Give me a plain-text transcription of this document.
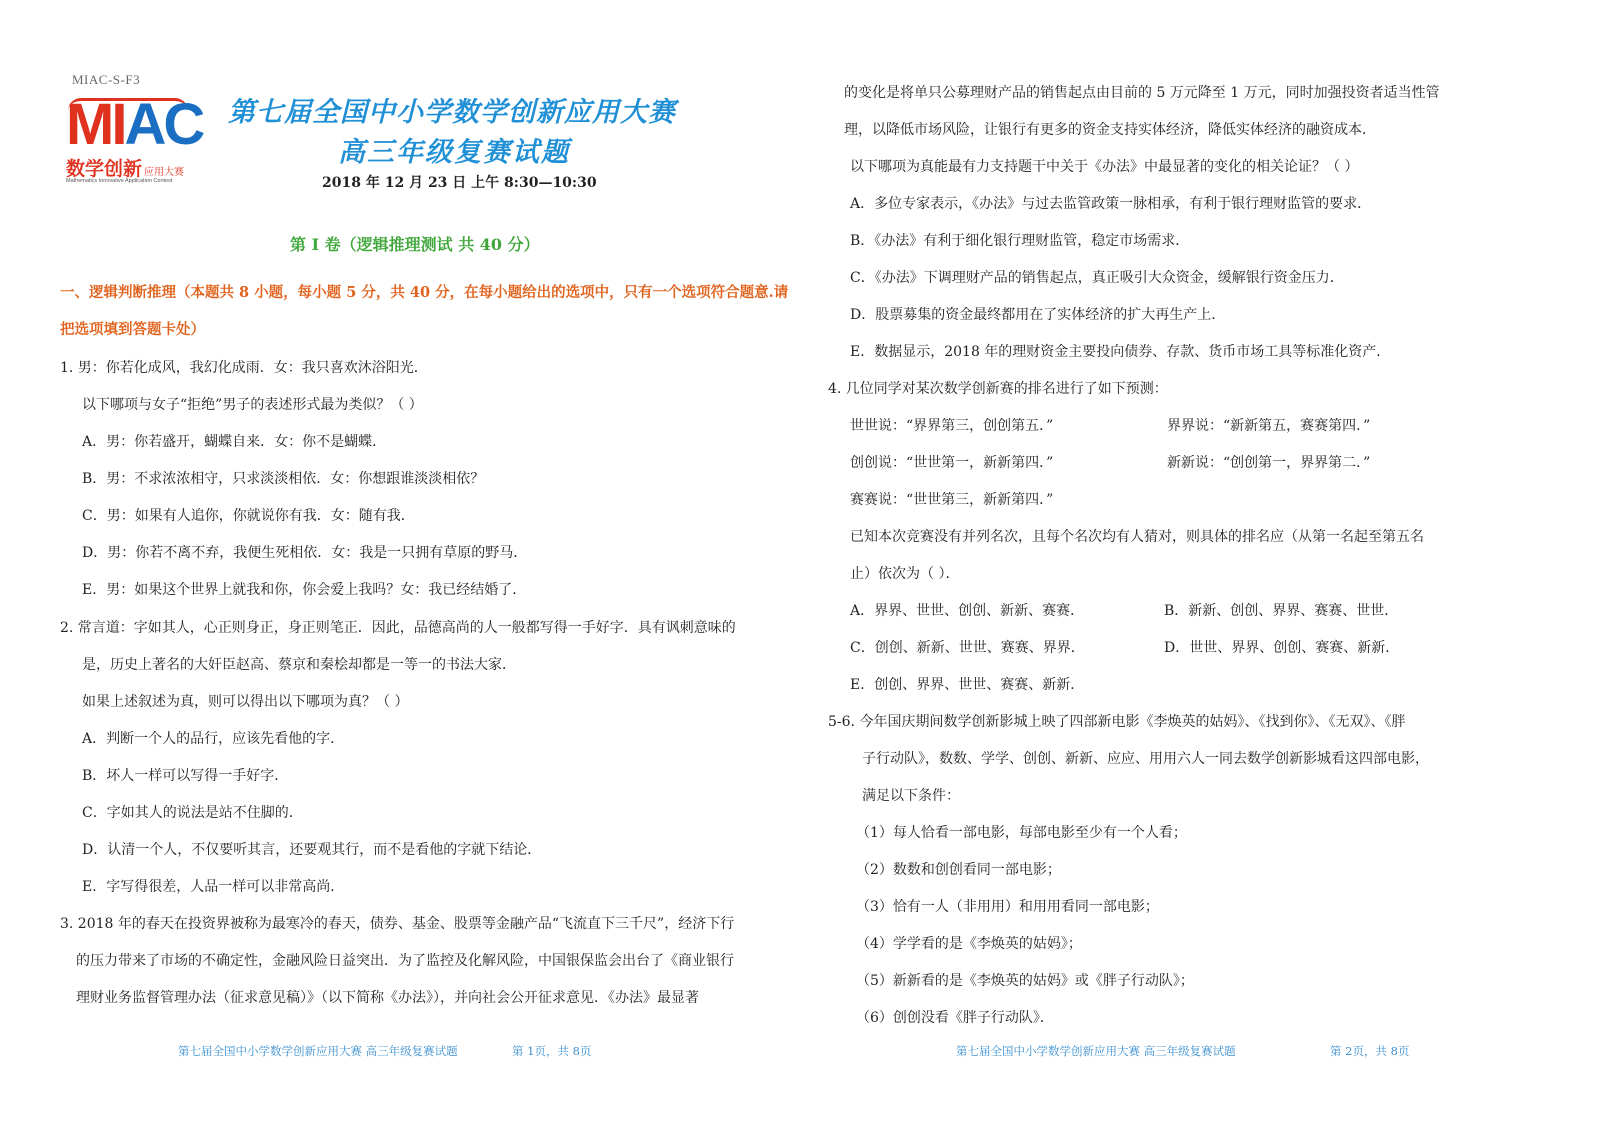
MIAC-S-F3
MIAC
数学创新 应用大赛
Mathematics Innovative Application Contest
第七届全国中小学数学创新应用大赛
高三年级复赛试题
2018 年 12 月 23 日 上午 8:30—10:30
第 I 卷（逻辑推理测试 共 40 分）
一、逻辑判断推理（本题共 8 小题，每小题 5 分，共 40 分，在每小题给出的选项中，只有一个选项符合题意.请
把选项填到答题卡处）
1. 男：你若化成风，我幻化成雨．女：我只喜欢沐浴阳光．
以下哪项与女子“拒绝”男子的表述形式最为类似？（ ）
A．男：你若盛开，蝴蝶自来．女：你不是蝴蝶．
B．男：不求浓浓相守，只求淡淡相依．女：你想跟谁淡淡相依？
C．男：如果有人追你，你就说你有我．女：随有我．
D．男：你若不离不弃，我便生死相依．女：我是一只拥有草原的野马．
E．男：如果这个世界上就我和你，你会爱上我吗？女：我已经结婚了．
2. 常言道：字如其人，心正则身正，身正则笔正．因此，品德高尚的人一般都写得一手好字．具有讽刺意味的
是，历史上著名的大奸臣赵高、蔡京和秦桧却都是一等一的书法大家．
如果上述叙述为真，则可以得出以下哪项为真？（ ）
A．判断一个人的品行，应该先看他的字．
B．坏人一样可以写得一手好字．
C．字如其人的说法是站不住脚的．
D．认清一个人，不仅要听其言，还要观其行，而不是看他的字就下结论．
E．字写得很差，人品一样可以非常高尚．
3. 2018 年的春天在投资界被称为最寒冷的春天，债券、基金、股票等金融产品“飞流直下三千尺”，经济下行
的压力带来了市场的不确定性，金融风险日益突出．为了监控及化解风险，中国银保监会出台了《商业银行
理财业务监督管理办法（征求意见稿）》（以下简称《办法》），并向社会公开征求意见．《办法》最显著
第七届全国中小学数学创新应用大赛 高三年级复赛试题	第 1页，共 8页
的变化是将单只公募理财产品的销售起点由目前的 5 万元降至 1 万元，同时加强投资者适当性管
理，以降低市场风险，让银行有更多的资金支持实体经济，降低实体经济的融资成本．
以下哪项为真能最有力支持题干中关于《办法》中最显著的变化的相关论证？（ ）
A．多位专家表示，《办法》与过去监管政策一脉相承，有利于银行理财监管的要求．
B．《办法》有利于细化银行理财监管，稳定市场需求．
C．《办法》下调理财产品的销售起点，真正吸引大众资金，缓解银行资金压力．
D．股票募集的资金最终都用在了实体经济的扩大再生产上．
E．数据显示，2018 年的理财资金主要投向债券、存款、货币市场工具等标准化资产．
4. 几位同学对某次数学创新赛的排名进行了如下预测：
世世说：“界界第三，创创第五．”	界界说：“新新第五，赛赛第四．”
创创说：“世世第一，新新第四．”	新新说：“创创第一，界界第二．”
赛赛说：“世世第三，新新第四．”
已知本次竞赛没有并列名次，且每个名次均有人猜对，则具体的排名应（从第一名起至第五名
止）依次为（ ）．
A．界界、世世、创创、新新、赛赛．	B．新新、创创、界界、赛赛、世世．
C．创创、新新、世世、赛赛、界界．	D．世世、界界、创创、赛赛、新新．
E．创创、界界、世世、赛赛、新新．
5-6. 今年国庆期间数学创新影城上映了四部新电影《李焕英的姑妈》、《找到你》、《无双》、《胖
子行动队》，数数、学学、创创、新新、应应、用用六人一同去数学创新影城看这四部电影，
满足以下条件：
（1）每人恰看一部电影，每部电影至少有一个人看；
（2）数数和创创看同一部电影；
（3）恰有一人（非用用）和用用看同一部电影；
（4）学学看的是《李焕英的姑妈》；
（5）新新看的是《李焕英的姑妈》或《胖子行动队》；
（6）创创没看《胖子行动队》．
第七届全国中小学数学创新应用大赛 高三年级复赛试题	第 2页，共 8页
